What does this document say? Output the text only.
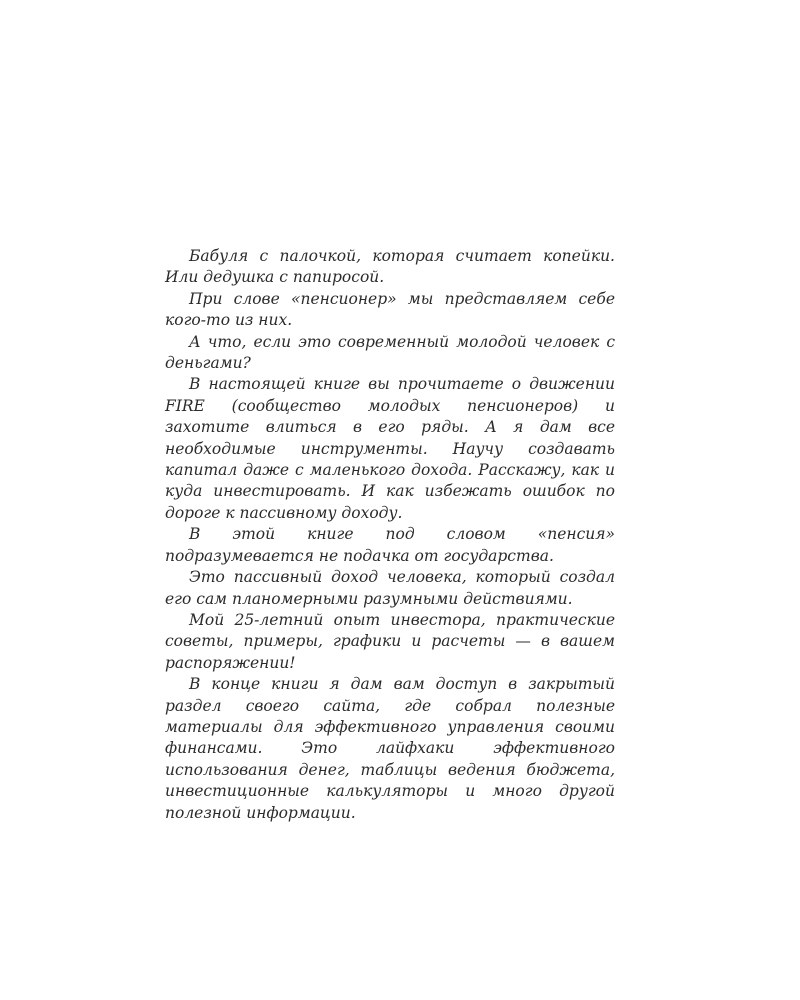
Бабуля с палочкой, которая считает копейки. Или дедушка с папиросой.

При слове «пенсионер» мы представляем себе кого-то из них.

А что, если это современный молодой человек с деньгами?

В настоящей книге вы прочитаете о движении FIRE (сообщество молодых пенсионеров) и захотите влиться в его ряды. А я дам все необходимые инструменты. Научу создавать капитал даже с маленького дохода. Расскажу, как и куда инвестировать. И как избежать ошибок по дороге к пассивному доходу.

В этой книге под словом «пенсия» подразумевается не подачка от государства.

Это пассивный доход человека, который создал его сам планомерными разумными действиями.

Мой 25-летний опыт инвестора, практические советы, примеры, графики и расчеты — в вашем распоряжении!

В конце книги я дам вам доступ в закрытый раздел своего сайта, где собрал полезные материалы для эффективного управления своими финансами. Это лайфхаки эффективного использования денег, таблицы ведения бюджета, инвестиционные калькуляторы и много другой полезной информации.
